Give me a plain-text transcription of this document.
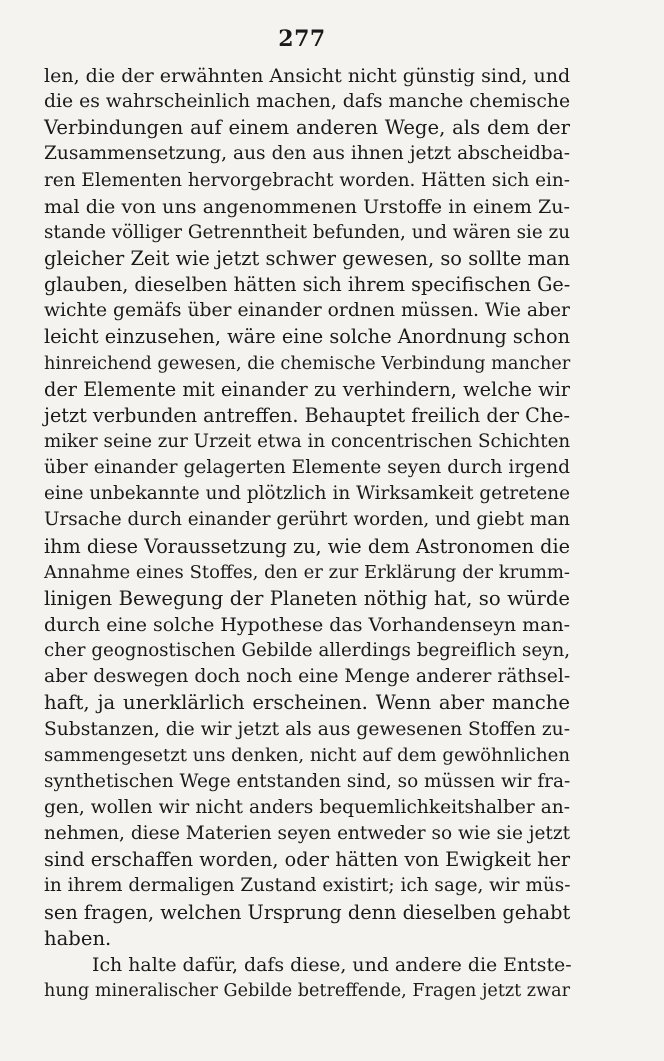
277
len, die der erwähnten Ansicht nicht günstig sind, und
die es wahrscheinlich machen, dafs manche chemische
Verbindungen auf einem anderen Wege, als dem der
Zusammensetzung, aus den aus ihnen jetzt abscheidba-
ren Elementen hervorgebracht worden. Hätten sich ein-
mal die von uns angenommenen Urstoffe in einem Zu-
stande völliger Getrenntheit befunden, und wären sie zu
gleicher Zeit wie jetzt schwer gewesen, so sollte man
glauben, dieselben hätten sich ihrem specifischen Ge-
wichte gemäfs über einander ordnen müssen. Wie aber
leicht einzusehen, wäre eine solche Anordnung schon
hinreichend gewesen, die chemische Verbindung mancher
der Elemente mit einander zu verhindern, welche wir
jetzt verbunden antreffen. Behauptet freilich der Che-
miker seine zur Urzeit etwa in concentrischen Schichten
über einander gelagerten Elemente seyen durch irgend
eine unbekannte und plötzlich in Wirksamkeit getretene
Ursache durch einander gerührt worden, und giebt man
ihm diese Voraussetzung zu, wie dem Astronomen die
Annahme eines Stoffes, den er zur Erklärung der krumm-
linigen Bewegung der Planeten nöthig hat, so würde
durch eine solche Hypothese das Vorhandenseyn man-
cher geognostischen Gebilde allerdings begreiflich seyn,
aber deswegen doch noch eine Menge anderer räthsel-
haft, ja unerklärlich erscheinen. Wenn aber manche
Substanzen, die wir jetzt als aus gewesenen Stoffen zu-
sammengesetzt uns denken, nicht auf dem gewöhnlichen
synthetischen Wege entstanden sind, so müssen wir fra-
gen, wollen wir nicht anders bequemlichkeitshalber an-
nehmen, diese Materien seyen entweder so wie sie jetzt
sind erschaffen worden, oder hätten von Ewigkeit her
in ihrem dermaligen Zustand existirt; ich sage, wir müs-
sen fragen, welchen Ursprung denn dieselben gehabt
haben.
Ich halte dafür, dafs diese, und andere die Entste-
hung mineralischer Gebilde betreffende, Fragen jetzt zwar
